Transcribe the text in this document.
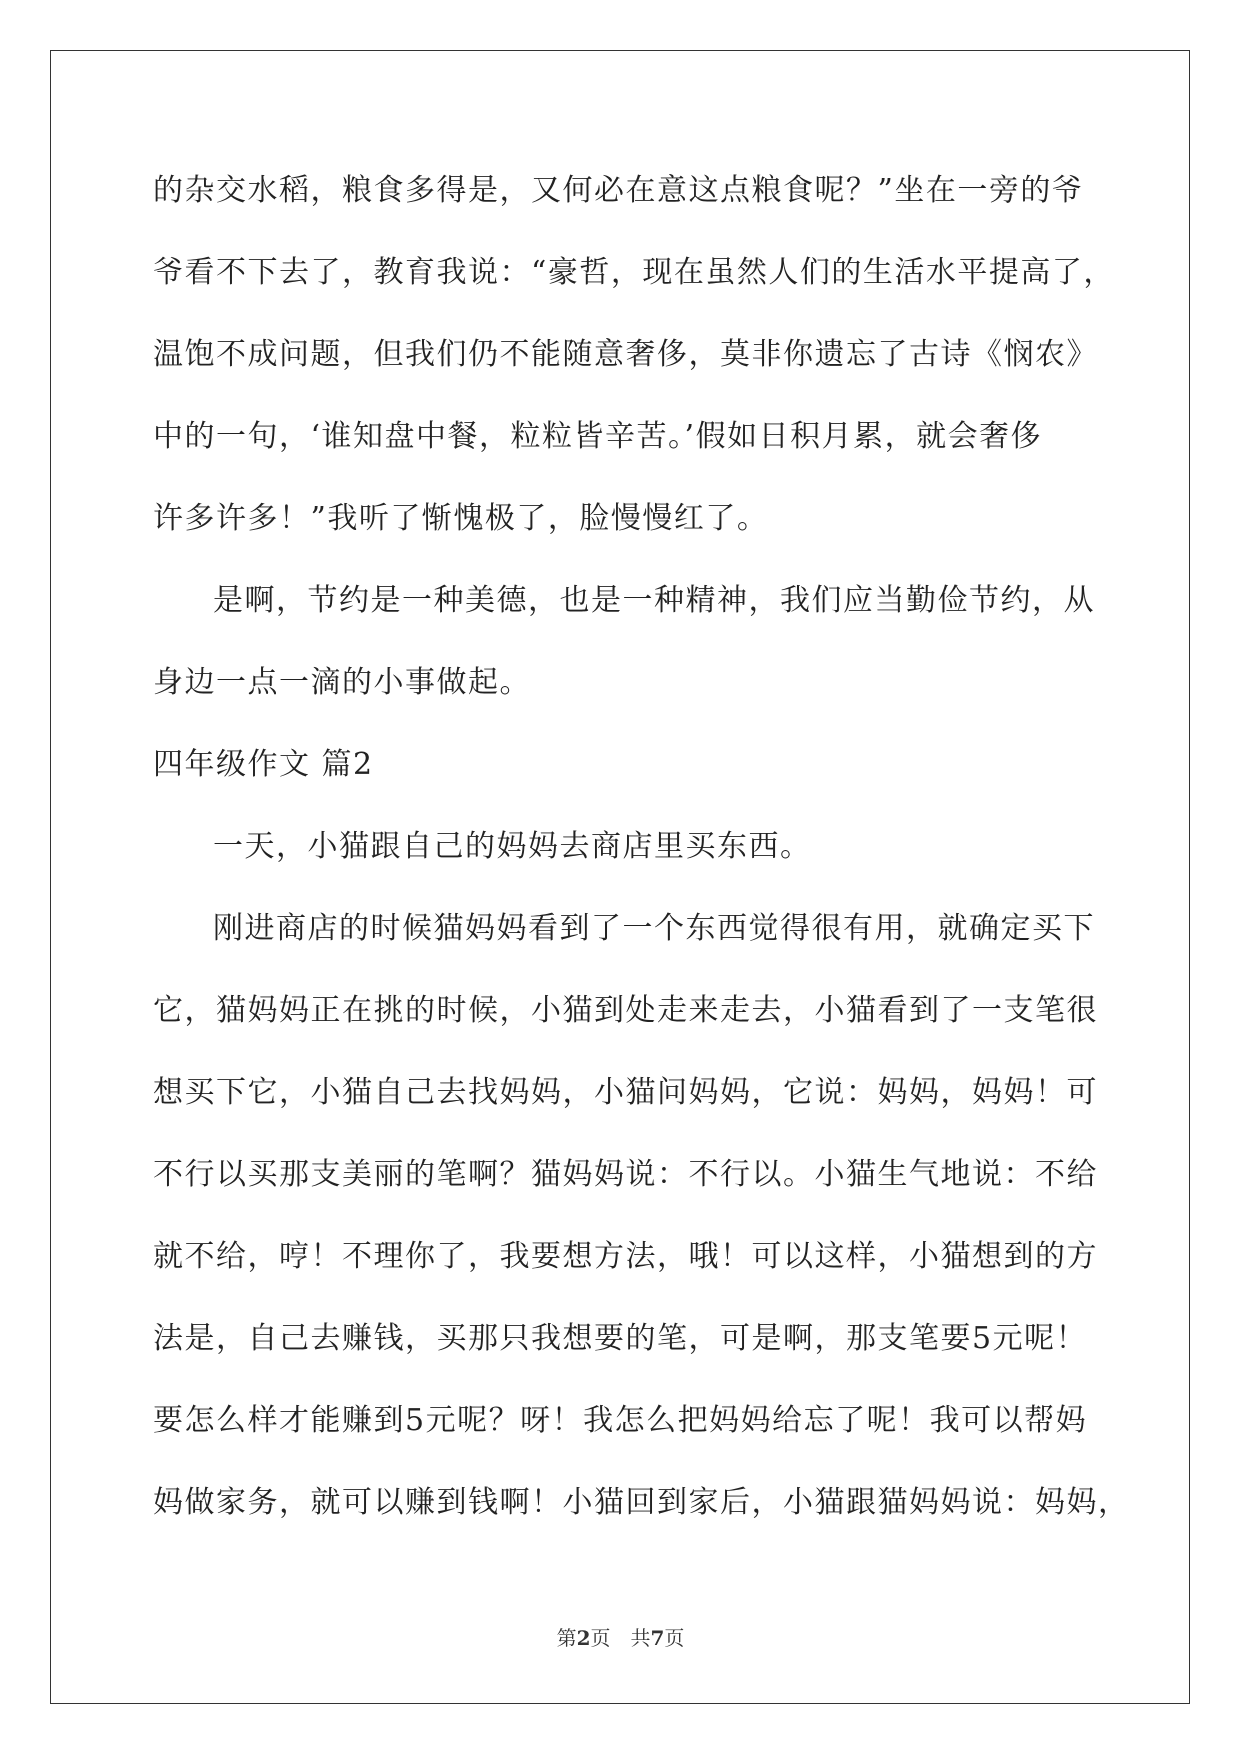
的杂交水稻，粮食多得是，又何必在意这点粮食呢？”坐在一旁的爷
爷看不下去了，教育我说：“豪哲，现在虽然人们的生活水平提高了，
温饱不成问题，但我们仍不能随意奢侈，莫非你遗忘了古诗《悯农》
中的一句，‘谁知盘中餐，粒粒皆辛苦。’假如日积月累，就会奢侈
许多许多！”我听了惭愧极了，脸慢慢红了。
是啊，节约是一种美德，也是一种精神，我们应当勤俭节约，从
身边一点一滴的小事做起。
四年级作文 篇2
一天，小猫跟自己的妈妈去商店里买东西。
刚进商店的时候猫妈妈看到了一个东西觉得很有用，就确定买下
它，猫妈妈正在挑的时候，小猫到处走来走去，小猫看到了一支笔很
想买下它，小猫自己去找妈妈，小猫问妈妈，它说：妈妈，妈妈！可
不行以买那支美丽的笔啊？猫妈妈说：不行以。小猫生气地说：不给
就不给，哼！不理你了，我要想方法，哦！可以这样，小猫想到的方
法是，自己去赚钱，买那只我想要的笔，可是啊，那支笔要5元呢！
要怎么样才能赚到5元呢？呀！我怎么把妈妈给忘了呢！我可以帮妈
妈做家务，就可以赚到钱啊！小猫回到家后，小猫跟猫妈妈说：妈妈，
第2页　共7页
